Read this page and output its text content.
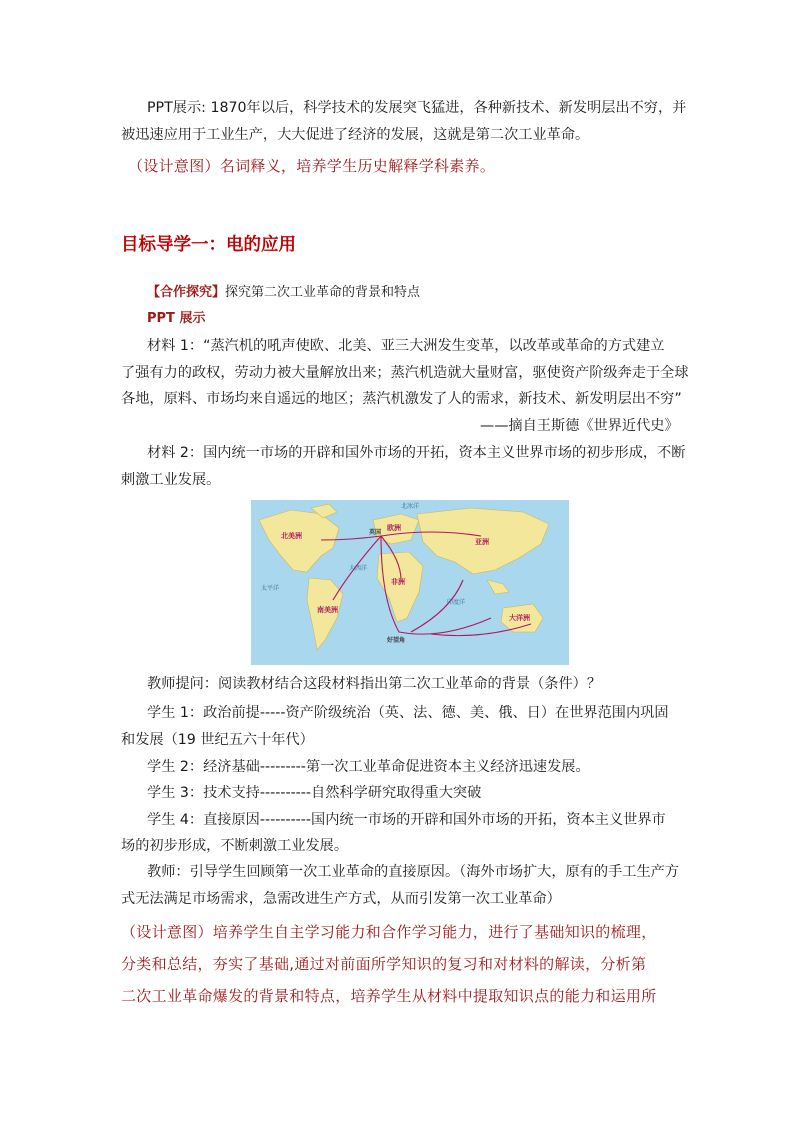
PPT展示: 1870年以后，科学技术的发展突飞猛进，各种新技术、新发明层出不穷，并
被迅速应用于工业生产，大大促进了经济的发展，这就是第二次工业革命。
（设计意图）名词释义，培养学生历史解释学科素养。
目标导学一：电的应用
【合作探究】探究第二次工业革命的背景和特点
PPT 展示
材料 1：“蒸汽机的吼声使欧、北美、亚三大洲发生变革，以改革或革命的方式建立
了强有力的政权，劳动力被大量解放出来；蒸汽机造就大量财富，驱使资产阶级奔走于全球
各地，原料、市场均来自遥远的地区；蒸汽机激发了人的需求，新技术、新发明层出不穷”
——摘自王斯德《世界近代史》
材料 2：国内统一市场的开辟和国外市场的开拓，资本主义世界市场的初步形成，不断
刺激工业发展。
北美洲
南美洲
欧洲
亚洲
非洲
大洋洲
英国
好望角
太平洋
大西洋
印度洋
北冰洋
教师提问：阅读教材结合这段材料指出第二次工业革命的背景（条件）？
学生 1：政治前提-----资产阶级统治（英、法、德、美、俄、日）在世界范围内巩固
和发展（19 世纪五六十年代）
学生 2：经济基础---------第一次工业革命促进资本主义经济迅速发展。
学生 3：技术支持----------自然科学研究取得重大突破
学生 4：直接原因----------国内统一市场的开辟和国外市场的开拓，资本主义世界市
场的初步形成，不断刺激工业发展。
教师：引导学生回顾第一次工业革命的直接原因。（海外市场扩大，原有的手工生产方
式无法满足市场需求，急需改进生产方式，从而引发第一次工业革命）
（设计意图）培养学生自主学习能力和合作学习能力，进行了基础知识的梳理，
分类和总结，夯实了基础,通过对前面所学知识的复习和对材料的解读，分析第
二次工业革命爆发的背景和特点，培养学生从材料中提取知识点的能力和运用所
